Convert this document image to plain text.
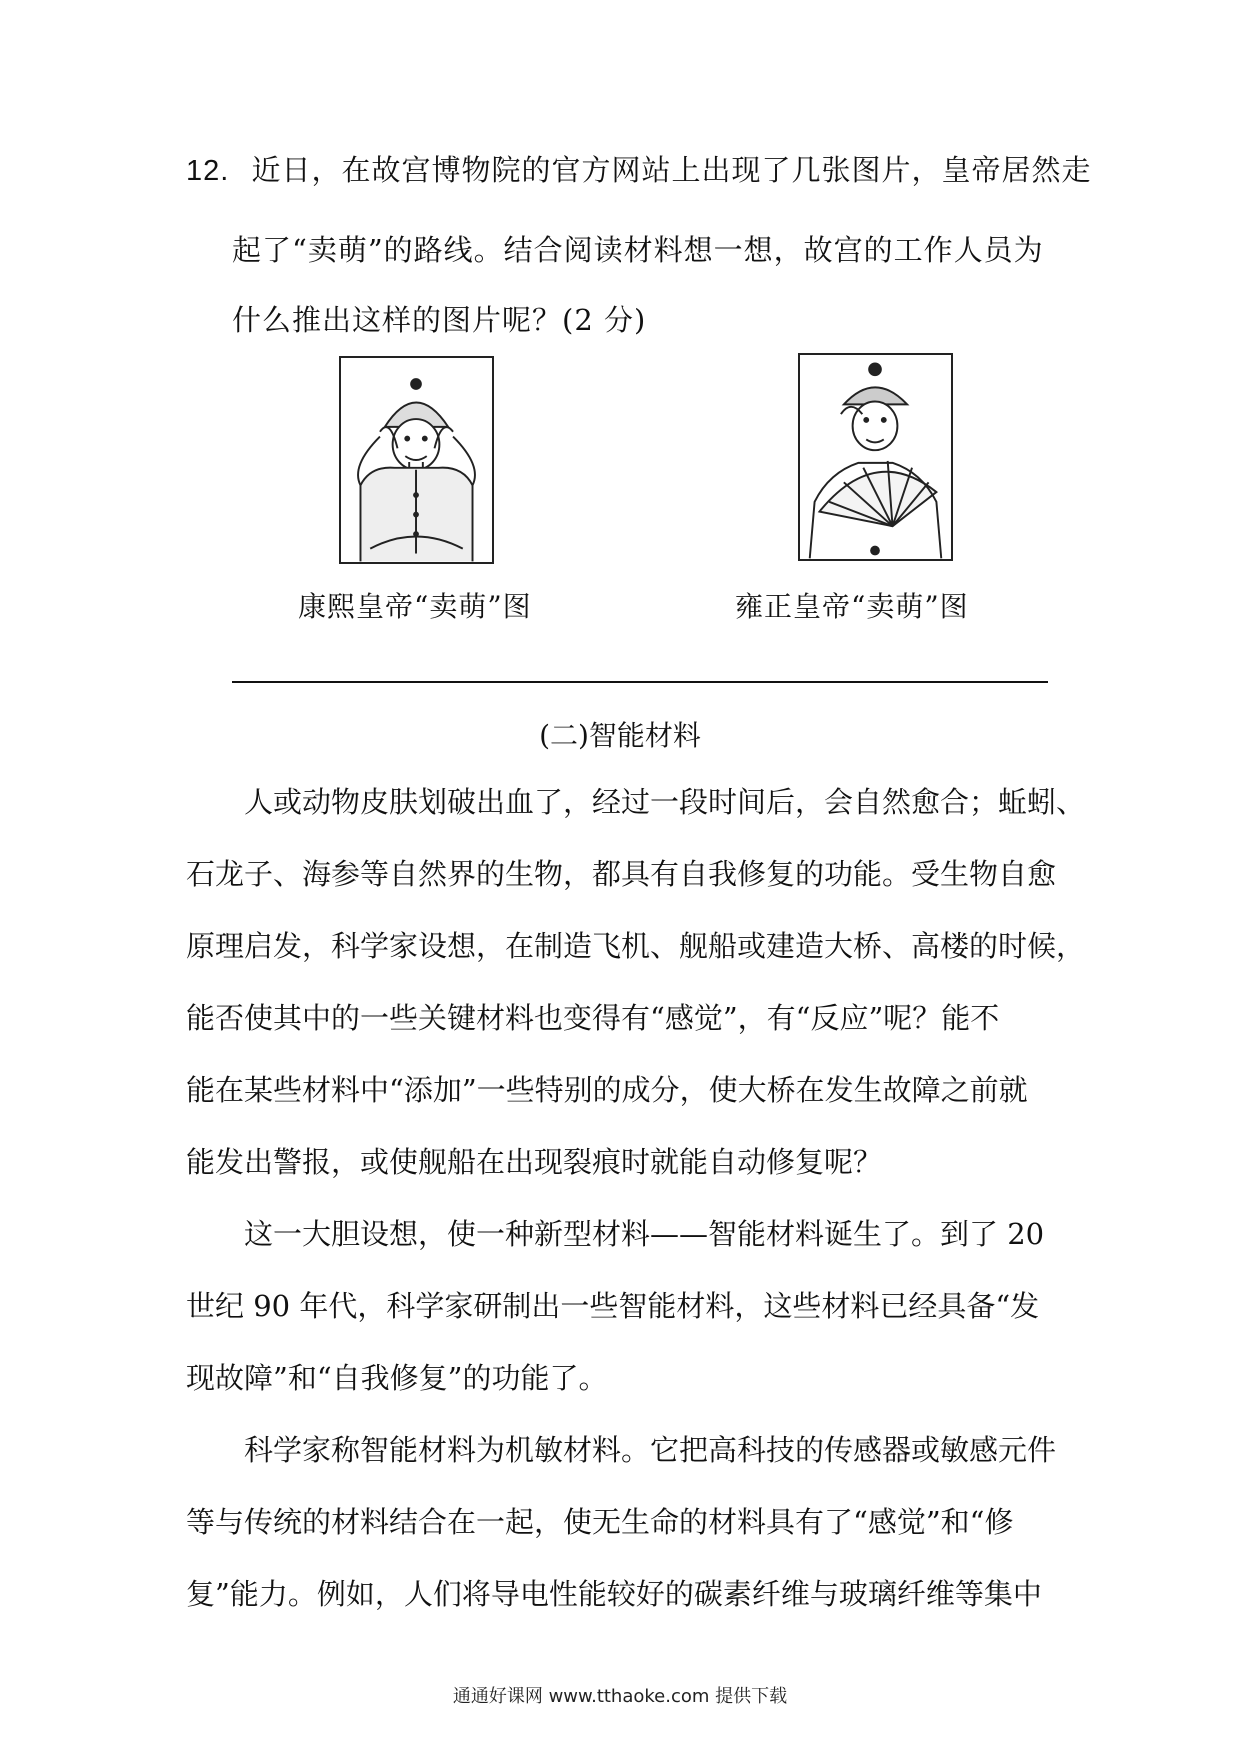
12. 近日，在故宫博物院的官方网站上出现了几张图片，皇帝居然走
起了“卖萌”的路线。结合阅读材料想一想，故宫的工作人员为
什么推出这样的图片呢？(2 分)
康熙皇帝“卖萌”图	雍正皇帝“卖萌”图
(二)智能材料
　　人或动物皮肤划破出血了，经过一段时间后，会自然愈合；蚯蚓、
石龙子、海参等自然界的生物，都具有自我修复的功能。受生物自愈
原理启发，科学家设想，在制造飞机、舰船或建造大桥、高楼的时候，
能否使其中的一些关键材料也变得有“感觉”，有“反应”呢？能不
能在某些材料中“添加”一些特别的成分，使大桥在发生故障之前就
能发出警报，或使舰船在出现裂痕时就能自动修复呢？
　　这一大胆设想，使一种新型材料——智能材料诞生了。到了 20
世纪 90 年代，科学家研制出一些智能材料，这些材料已经具备“发
现故障”和“自我修复”的功能了。
　　科学家称智能材料为机敏材料。它把高科技的传感器或敏感元件
等与传统的材料结合在一起，使无生命的材料具有了“感觉”和“修
复”能力。例如，人们将导电性能较好的碳素纤维与玻璃纤维等集中
通通好课网 www.tthaoke.com 提供下载
